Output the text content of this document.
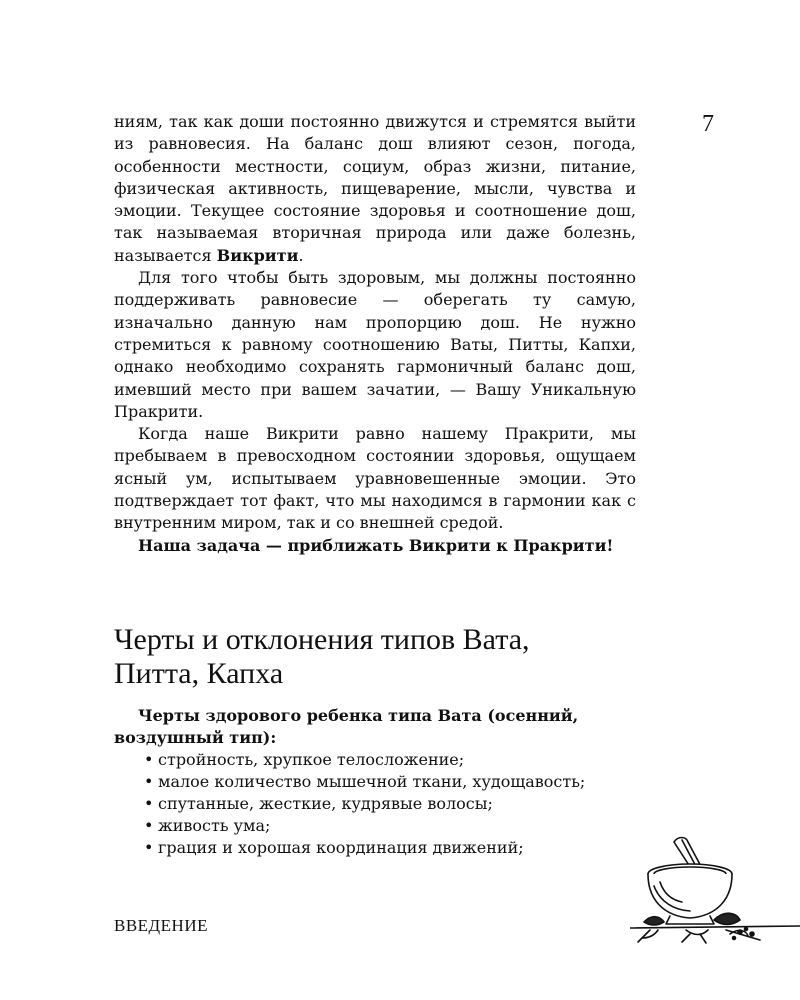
7

ниям, так как доши постоянно движутся и стремятся выйти из равновесия. На баланс дош влияют сезон, погода, особенности местности, социум, образ жизни, питание, физическая активность, пищеварение, мысли, чувства и эмоции. Текущее состояние здоровья и соотношение дош, так называемая вторичная природа или даже болезнь, называется Викрити.

Для того чтобы быть здоровым, мы должны постоянно поддерживать равновесие — оберегать ту самую, изначально данную нам пропорцию дош. Не нужно стремиться к равному соотношению Ваты, Питты, Капхи, однако необходимо сохранять гармоничный баланс дош, имевший место при вашем зачатии, — Вашу Уникальную Пракрити.

Когда наше Викрити равно нашему Пракрити, мы пребываем в превосходном состоянии здоровья, ощущаем ясный ум, испытываем уравновешенные эмоции. Это подтверждает тот факт, что мы находимся в гармонии как с внутренним миром, так и со внешней средой.

Наша задача — приближать Викрити к Пракрити!

Черты и отклонения типов Вата,
Питта, Капха

Черты здорового ребенка типа Вата (осенний, воздушный тип):

• стройность, хрупкое телосложение;
• малое количество мышечной ткани, худощавость;
• спутанные, жесткие, кудрявые волосы;
• живость ума;
• грация и хорошая координация движений;
ВВЕДЕНИЕ
